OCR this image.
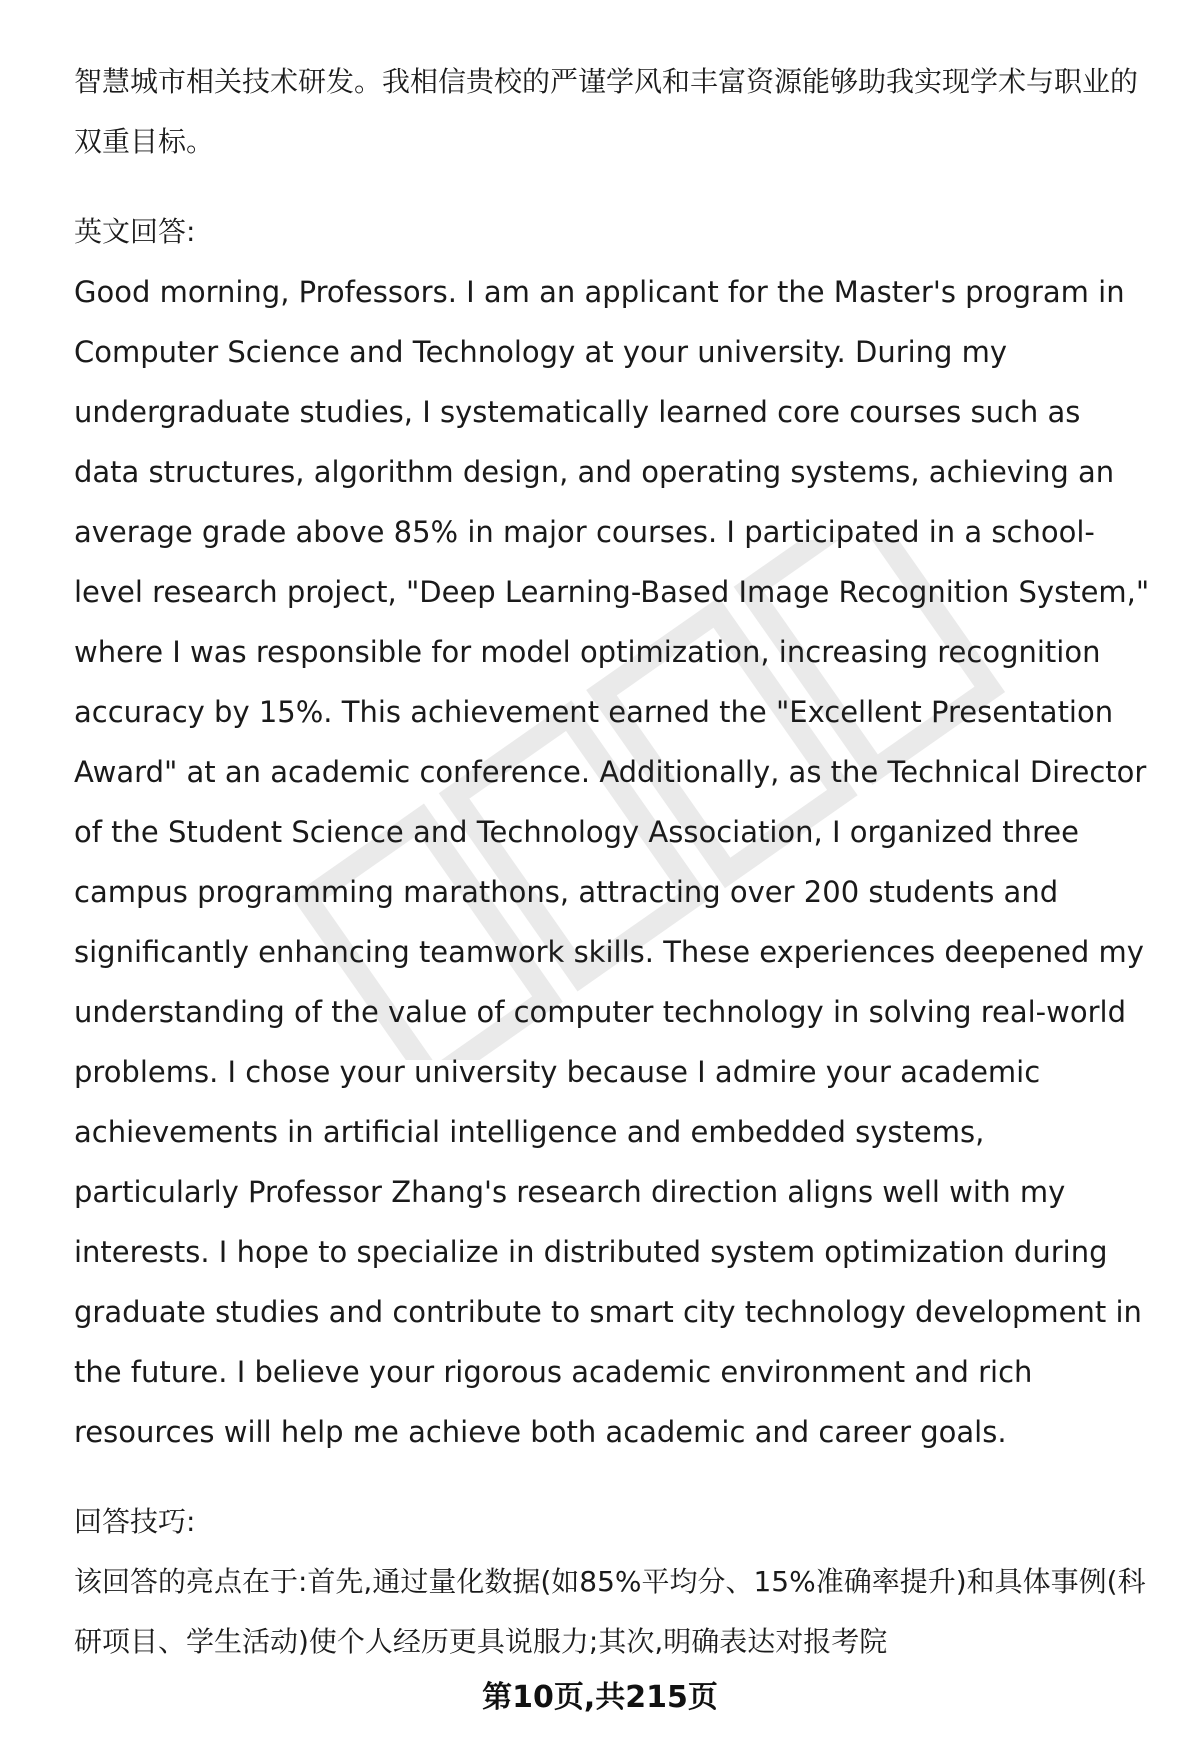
智慧城市相关技术研发。我相信贵校的严谨学风和丰富资源能够助我实现学术与职业的双重目标。

英文回答:

Good morning, Professors. I am an applicant for the Master's program in Computer Science and Technology at your university. During my undergraduate studies, I systematically learned core courses such as data structures, algorithm design, and operating systems, achieving an average grade above 85% in major courses. I participated in a school-level research project, "Deep Learning-Based Image Recognition System," where I was responsible for model optimization, increasing recognition accuracy by 15%. This achievement earned the "Excellent Presentation Award" at an academic conference. Additionally, as the Technical Director of the Student Science and Technology Association, I organized three campus programming marathons, attracting over 200 students and significantly enhancing teamwork skills. These experiences deepened my understanding of the value of computer technology in solving real-world problems. I chose your university because I admire your academic achievements in artificial intelligence and embedded systems, particularly Professor Zhang's research direction aligns well with my interests. I hope to specialize in distributed system optimization during graduate studies and contribute to smart city technology development in the future. I believe your rigorous academic environment and rich resources will help me achieve both academic and career goals.

回答技巧:

该回答的亮点在于:首先,通过量化数据(如85%平均分、15%准确率提升)和具体事例(科研项目、学生活动)使个人经历更具说服力;其次,明确表达对报考院

第10页,共215页
